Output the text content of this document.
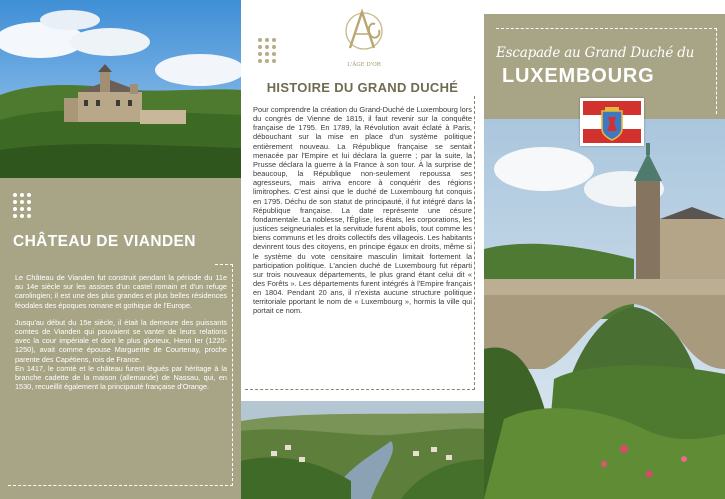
CHÂTEAU DE VIANDEN

Le Château de Vianden fut construit pendant la période du 11e au 14e siècle sur les assises d'un castel romain et d'un refuge carolingien; il est une des plus grandes et plus belles résidences féodales des époques romane et gothique de l'Europe.

Jusqu'au début du 15e siècle, il était la demeure des puissants comtes de Vianden qui pouvaient se vanter de leurs relations avec la cour impériale et dont le plus glorieux, Henri Ier (1220-1250), avait comme épouse Marguerite de Courtenay, proche parente des Capétiens, rois de France.

En 1417, le comté et le château furent légués par héritage à la branche cadette de la maison (allemande) de Nassau, qui, en 1530, recueillit également la principauté française d'Orange.

L'ÂGE D'OR
HISTOIRE DU GRAND DUCHÉ

Pour comprendre la création du Grand-Duché de Luxembourg lors du congrès de Vienne de 1815, il faut revenir sur la conquête française de 1795. En 1789, la Révolution avait éclaté à Paris, débouchant sur la mise en place d'un système politique entièrement nouveau. La République française se sentait menacée par l'Empire et lui déclara la guerre ; par la suite, la Prusse déclara la guerre à la France à son tour. À la surprise de beaucoup, la République non-seulement repoussa ses agresseurs, mais arriva encore à conquérir des régions limitrophes. C'est ainsi que le duché de Luxembourg fut conquis en 1795. Déchu de son statut de principauté, il fut intégré dans la République française. La date représente une césure fondamentale. La noblesse, l'Église, les états, les corporations, les justices seigneuriales et la servitude furent abolis, tout comme les biens communs et les droits collectifs des villageois. Les habitants devinrent tous des citoyens, en principe égaux en droits, même si le système du vote censitaire masculin limitait fortement la participation politique. L'ancien duché de Luxembourg fut réparti sur trois nouveaux départements, le plus grand étant celui dit « des Forêts ». Les départements furent intégrés à l'Empire français en 1804. Pendant 20 ans, il n'exista aucune structure politique territoriale pportant le nom de « Luxembourg », hormis la ville qui portait ce nom.

Escapade au Grand Duché du
LUXEMBOURG
